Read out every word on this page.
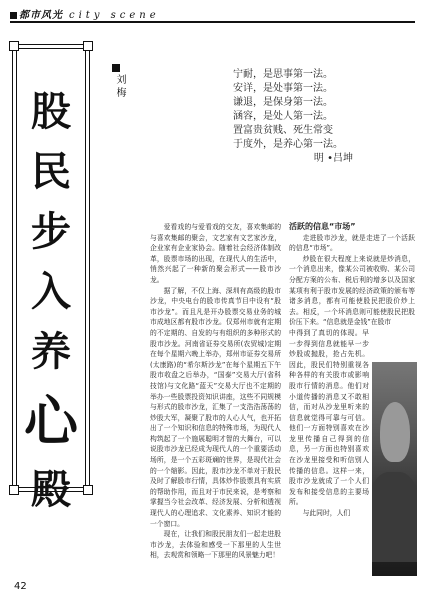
都市风光 city scene
股
民
步
入
养
心
殿
刘梅	宁耐，是思事第一法。
安详，是处事第一法。
谦退，是保身第一法。
涵容，是处人第一法。
置富贵贫贱、死生常变
于度外，是养心第一法。
明 •吕坤

爱看戏的与爱看戏的交友，喜欢集邮的与喜欢集邮的聚会，文艺家有文艺家沙龙，企业家有企业家协会。随着社会经济体制改革，股票市场的出现，在现代人的生活中，悄然兴起了一种新的聚会形式——股市沙龙。

据了解，不仅上海、深圳有高级的股市沙龙，中央电台的股市传真节目中设有“股市沙龙”。而且凡是开办股票交易业务的城市成地区都有股市沙龙。仅郑州市就有定期的不定期的、自发的与有组织的多种形式的股市沙龙。河南省证券交易所(农贸城)定期在每个星期六晚上举办，郑州市证券交易所(太康路)的“希尔斯沙龙”在每个星期五下午股市收盘之后举办，“国泰”交易大厅(省科技馆)与文化路“蓝天”交易大厅也不定期的举办一些股票投资知识讲座，这些不同规模与形式的股市沙龙，汇集了一支浩浩荡荡的炒股大军，凝聚了股市的人心人气，也开拓出了一个知识和信息的特殊市场，为现代人构筑起了一个施展聪明才智的大舞台，可以说股市沙龙已经成为现代人的一个重要活动场所，是一个五彩斑斓的世界，是现代社会的一个缩影。因此，股市沙龙不单对于股民及时了解股市行情，具体炒作股票具有实质的帮助作用，而且对于市民来说，是考察和掌握当今社会改革、经济发展、分析和透视现代人的心理追求、文化素养、知识才能的一个窗口。

现在，让我们和股民朋友们一起走进股市沙龙，去体验和感受一下那里的人生世相，去观赏和领略一下那里的风景魅力吧！

活跃的信息“市场”

走进股市沙龙，就是走进了一个活跃的信息“市场”。

炒股在很大程度上来说就是炒消息，一个消息出来，像某公司被收购、某公司分配方案的公布、税后利的增多以及国家某项有利于股市发展的经济政策的颁布等诸多消息，都有可能使股民把股价炒上去。相反，一个坏消息则可能使股民把股价压下来。“信息就是金钱”在股市

中得到了真切的体现。早一步得到信息就能早一步炒股或抛股，抢占先机。因此，股民们特别重视各种各样的有关股市或影响股市行情的消息。他们对小道传播的消息又不敢相信，而对从沙龙里听来的信息就觉得可靠与可信。他们一方面特别喜欢在沙龙里传播自己得到的信息，另一方面也特别喜欢在沙龙里接受和听信别人传播的信息。这样一来，股市沙龙就成了一个人们发布和接受信息的主要场所。

与此同时，人们

42
